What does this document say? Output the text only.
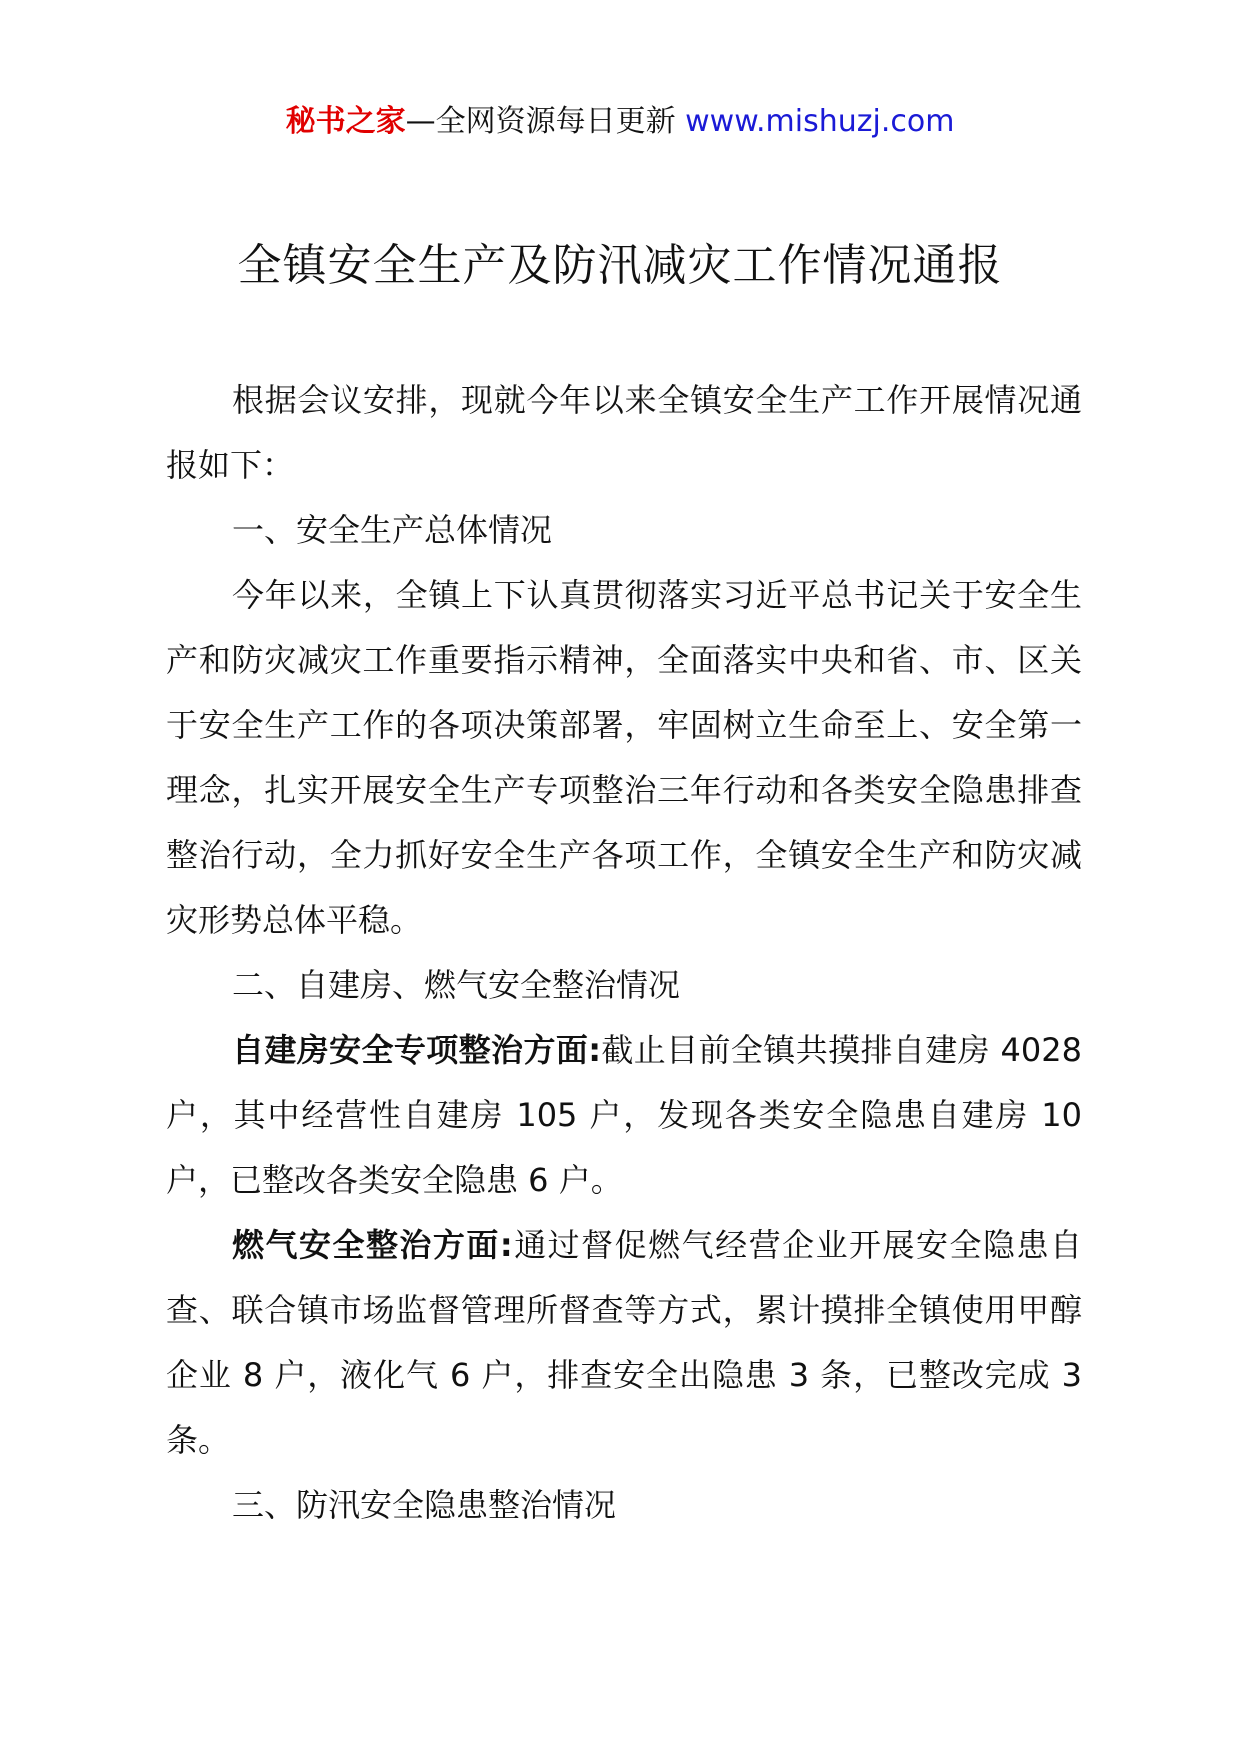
秘书之家—全网资源每日更新 www.mishuzj.com
全镇安全生产及防汛减灾工作情况通报

根据会议安排，现就今年以来全镇安全生产工作开展情况通报如下：

一、安全生产总体情况

今年以来，全镇上下认真贯彻落实习近平总书记关于安全生产和防灾减灾工作重要指示精神，全面落实中央和省、市、区关于安全生产工作的各项决策部署，牢固树立生命至上、安全第一理念，扎实开展安全生产专项整治三年行动和各类安全隐患排查整治行动，全力抓好安全生产各项工作，全镇安全生产和防灾减灾形势总体平稳。

二、自建房、燃气安全整治情况

自建房安全专项整治方面:截止目前全镇共摸排自建房 4028 户，其中经营性自建房 105 户，发现各类安全隐患自建房 10 户，已整改各类安全隐患 6 户。

燃气安全整治方面:通过督促燃气经营企业开展安全隐患自查、联合镇市场监督管理所督查等方式，累计摸排全镇使用甲醇企业 8 户，液化气 6 户，排查安全出隐患 3 条，已整改完成 3 条。

三、防汛安全隐患整治情况
